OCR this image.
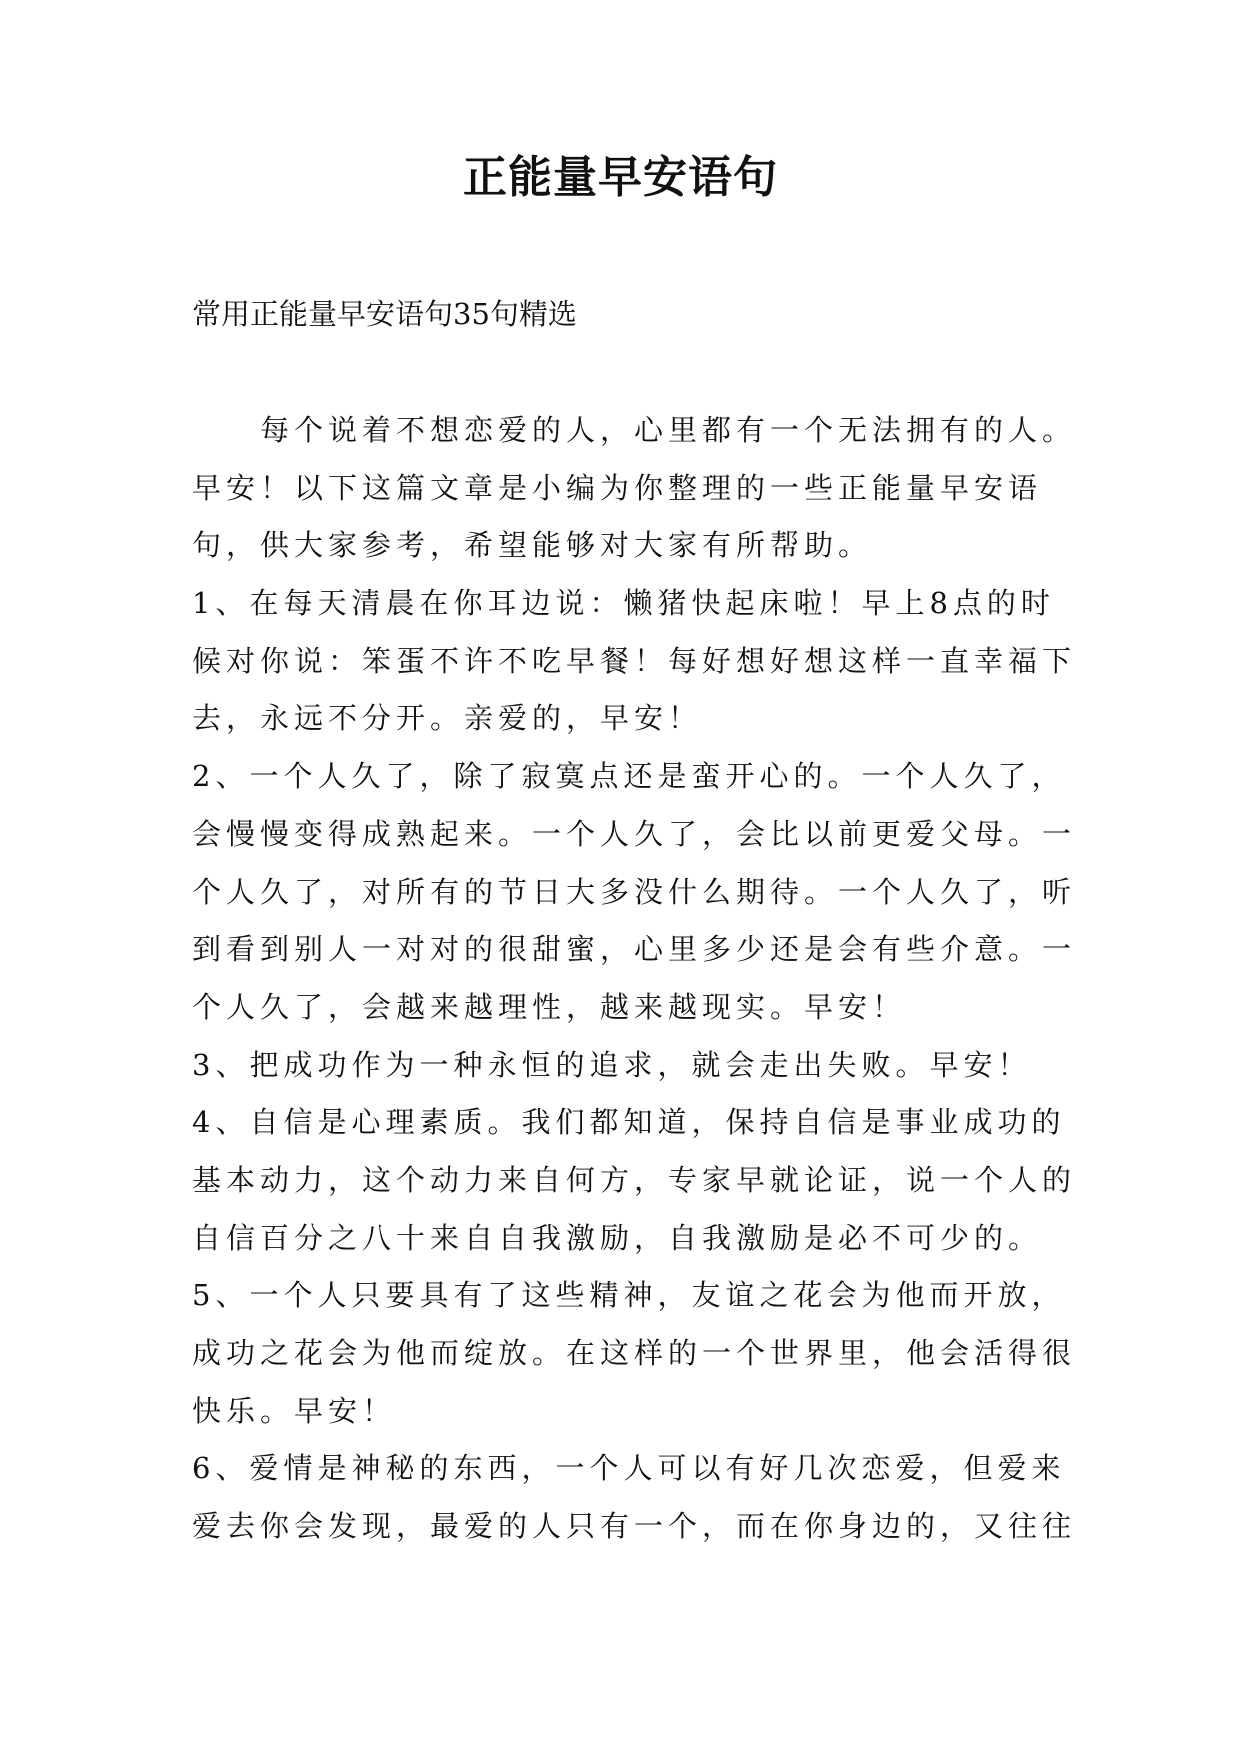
正能量早安语句

常用正能量早安语句35句精选

每个说着不想恋爱的人，心里都有一个无法拥有的人。

早安！以下这篇文章是小编为你整理的一些正能量早安语

句，供大家参考，希望能够对大家有所帮助。

1、在每天清晨在你耳边说：懒猪快起床啦！早上8点的时

候对你说：笨蛋不许不吃早餐！每好想好想这样一直幸福下

去，永远不分开。亲爱的，早安！

2、一个人久了，除了寂寞点还是蛮开心的。一个人久了，

会慢慢变得成熟起来。一个人久了，会比以前更爱父母。一

个人久了，对所有的节日大多没什么期待。一个人久了，听

到看到别人一对对的很甜蜜，心里多少还是会有些介意。一

个人久了，会越来越理性，越来越现实。早安！

3、把成功作为一种永恒的追求，就会走出失败。早安！

4、自信是心理素质。我们都知道，保持自信是事业成功的

基本动力，这个动力来自何方，专家早就论证，说一个人的

自信百分之八十来自自我激励，自我激励是必不可少的。

5、一个人只要具有了这些精神，友谊之花会为他而开放，

成功之花会为他而绽放。在这样的一个世界里，他会活得很

快乐。早安！

6、爱情是神秘的东西，一个人可以有好几次恋爱，但爱来

爱去你会发现，最爱的人只有一个，而在你身边的，又往往
